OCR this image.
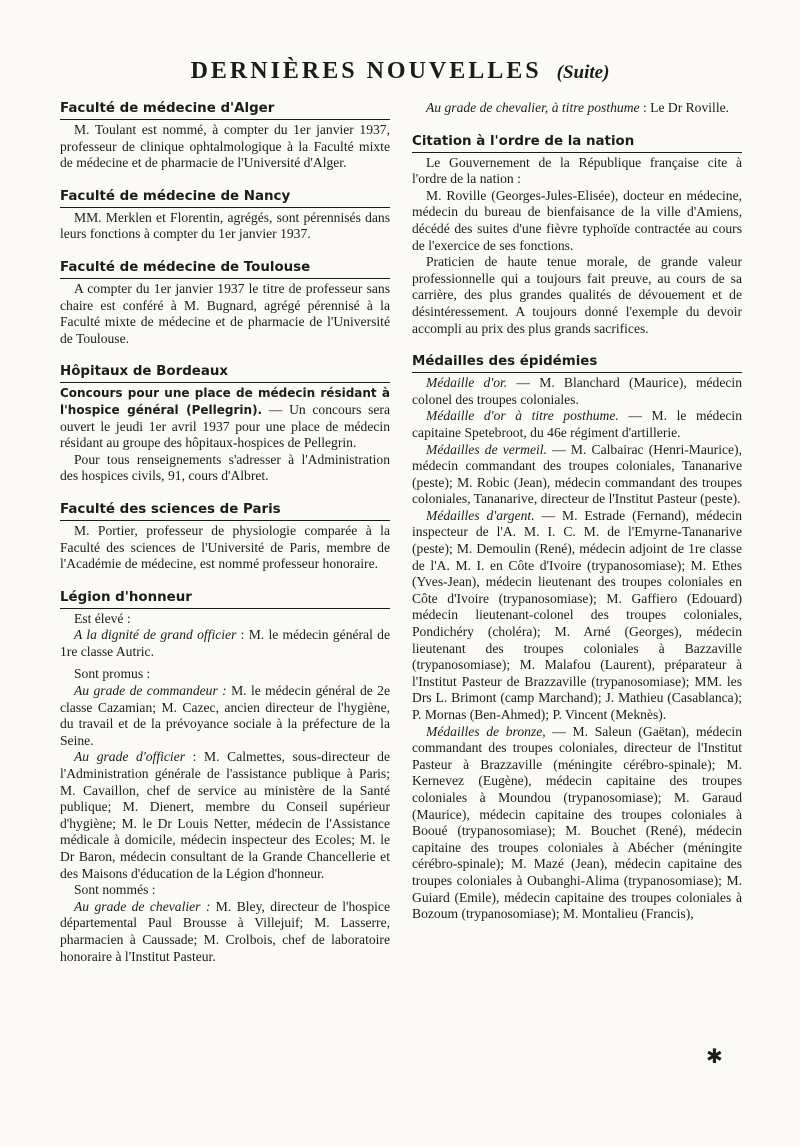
DERNIÈRES NOUVELLES (Suite)
Faculté de médecine d'Alger

M. Toulant est nommé, à compter du 1er janvier 1937, professeur de clinique ophtalmologique à la Faculté mixte de médecine et de pharmacie de l'Université d'Alger.

Faculté de médecine de Nancy

MM. Merklen et Florentin, agrégés, sont pérennisés dans leurs fonctions à compter du 1er janvier 1937.

Faculté de médecine de Toulouse

A compter du 1er janvier 1937 le titre de professeur sans chaire est conféré à M. Bugnard, agrégé pérennisé à la Faculté mixte de médecine et de pharmacie de l'Université de Toulouse.

Hôpitaux de Bordeaux

Concours pour une place de médecin résidant à l'hospice général (Pellegrin). — Un concours sera ouvert le jeudi 1er avril 1937 pour une place de médecin résidant au groupe des hôpitaux-hospices de Pellegrin.

Pour tous renseignements s'adresser à l'Administration des hospices civils, 91, cours d'Albret.

Faculté des sciences de Paris

M. Portier, professeur de physiologie comparée à la Faculté des sciences de l'Université de Paris, membre de l'Académie de médecine, est nommé professeur honoraire.

Légion d'honneur

Est élevé :

A la dignité de grand officier : M. le médecin général de 1re classe Autric.

Sont promus :

Au grade de commandeur : M. le médecin général de 2e classe Cazamian; M. Cazec, ancien directeur de l'hygiène, du travail et de la prévoyance sociale à la préfecture de la Seine.

Au grade d'officier : M. Calmettes, sous-directeur de l'Administration générale de l'assistance publique à Paris; M. Cavaillon, chef de service au ministère de la Santé publique; M. Dienert, membre du Conseil supérieur d'hygiène; M. le Dr Louis Netter, médecin de l'Assistance médicale à domicile, médecin inspecteur des Ecoles; M. le Dr Baron, médecin consultant de la Grande Chancellerie et des Maisons d'éducation de la Légion d'honneur.

Sont nommés :

Au grade de chevalier : M. Bley, directeur de l'hospice départemental Paul Brousse à Villejuif; M. Lasserre, pharmacien à Caussade; M. Crolbois, chef de laboratoire honoraire à l'Institut Pasteur.

Au grade de chevalier, à titre posthume : Le Dr Roville.

Citation à l'ordre de la nation

Le Gouvernement de la République française cite à l'ordre de la nation :

M. Roville (Georges-Jules-Elisée), docteur en médecine, médecin du bureau de bienfaisance de la ville d'Amiens, décédé des suites d'une fièvre typhoïde contractée au cours de l'exercice de ses fonctions.

Praticien de haute tenue morale, de grande valeur professionnelle qui a toujours fait preuve, au cours de sa carrière, des plus grandes qualités de dévouement et de désintéressement. A toujours donné l'exemple du devoir accompli au prix des plus grands sacrifices.

Médailles des épidémies

Médaille d'or. — M. Blanchard (Maurice), médecin colonel des troupes coloniales.

Médaille d'or à titre posthume. — M. le médecin capitaine Spetebroot, du 46e régiment d'artillerie.

Médailles de vermeil. — M. Calbairac (Henri-Maurice), médecin commandant des troupes coloniales, Tananarive (peste); M. Robic (Jean), médecin commandant des troupes coloniales, Tananarive, directeur de l'Institut Pasteur (peste).

Médailles d'argent. — M. Estrade (Fernand), médecin inspecteur de l'A. M. I. C. M. de l'Emyrne-Tananarive (peste); M. Demoulin (René), médecin adjoint de 1re classe de l'A. M. I. en Côte d'Ivoire (trypanosomiase); M. Ethes (Yves-Jean), médecin lieutenant des troupes coloniales en Côte d'Ivoire (trypanosomiase); M. Gaffiero (Edouard) médecin lieutenant-colonel des troupes coloniales, Pondichéry (choléra); M. Arné (Georges), médecin lieutenant des troupes coloniales à Bazzaville (trypanosomiase); M. Malafou (Laurent), préparateur à l'Institut Pasteur de Brazzaville (trypanosomiase); MM. les Drs L. Brimont (camp Marchand); J. Mathieu (Casablanca); P. Mornas (Ben-Ahmed); P. Vincent (Meknès).

Médailles de bronze, — M. Saleun (Gaëtan), médecin commandant des troupes coloniales, directeur de l'Institut Pasteur à Brazzaville (méningite cérébro-spinale); M. Kernevez (Eugène), médecin capitaine des troupes coloniales à Moundou (trypanosomiase); M. Garaud (Maurice), médecin capitaine des troupes coloniales à Booué (trypanosomiase); M. Bouchet (René), médecin capitaine des troupes coloniales à Abécher (méningite cérébro-spinale); M. Mazé (Jean), médecin capitaine des troupes coloniales à Oubanghi-Alima (trypanosomiase); M. Guiard (Emile), médecin capitaine des troupes coloniales à Bozoum (trypanosomiase); M. Montalieu (Francis),

✱
